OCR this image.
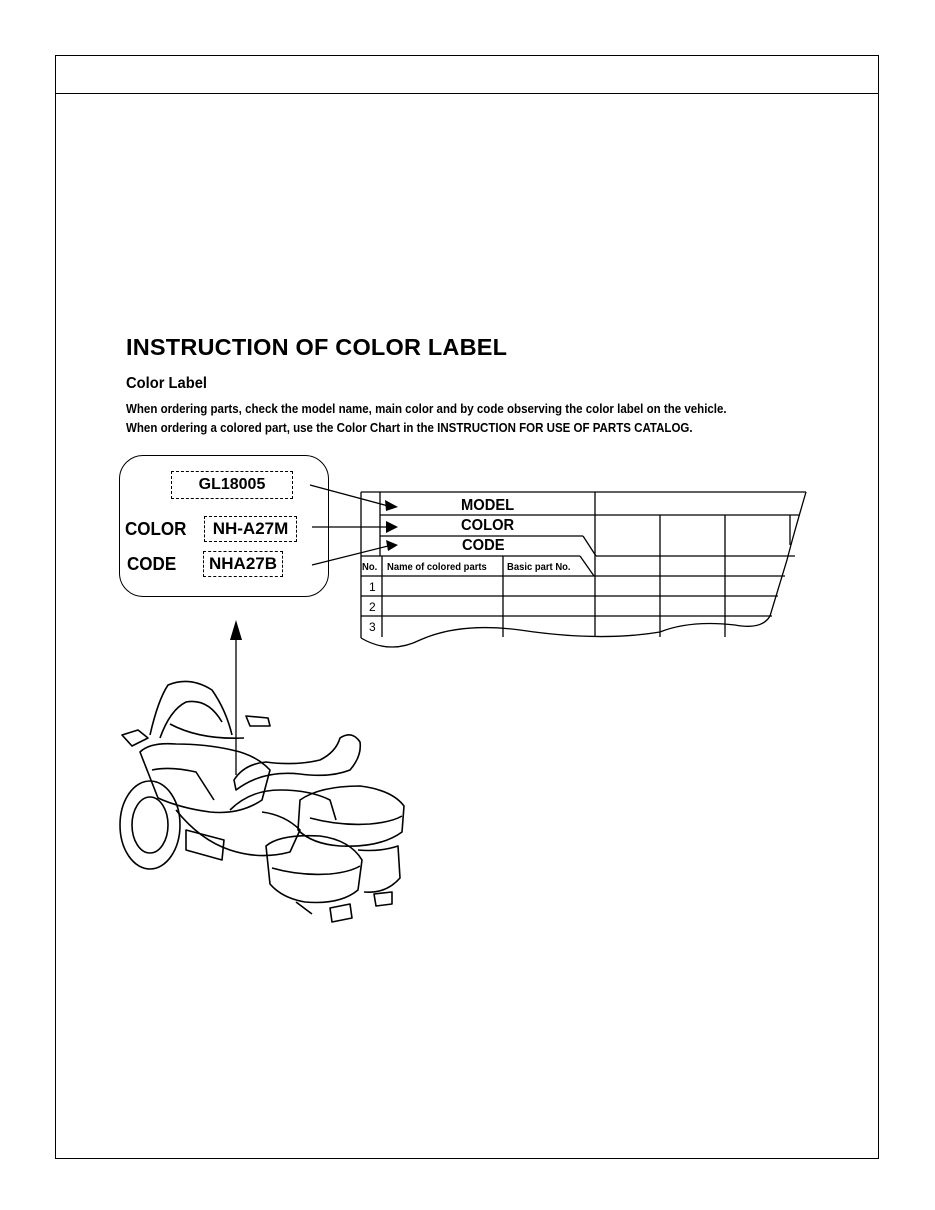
INSTRUCTION OF COLOR LABEL
Color Label

When ordering parts, check the model name, main color and by code observing the color label on the vehicle.

When ordering a colored part, use the Color Chart in the INSTRUCTION FOR USE OF PARTS CATALOG.

GL18005
COLOR	NH-A27M
CODE	NHA27B
MODEL
COLOR
CODE
No. Name of colored parts Basic part No.
1
2
3
